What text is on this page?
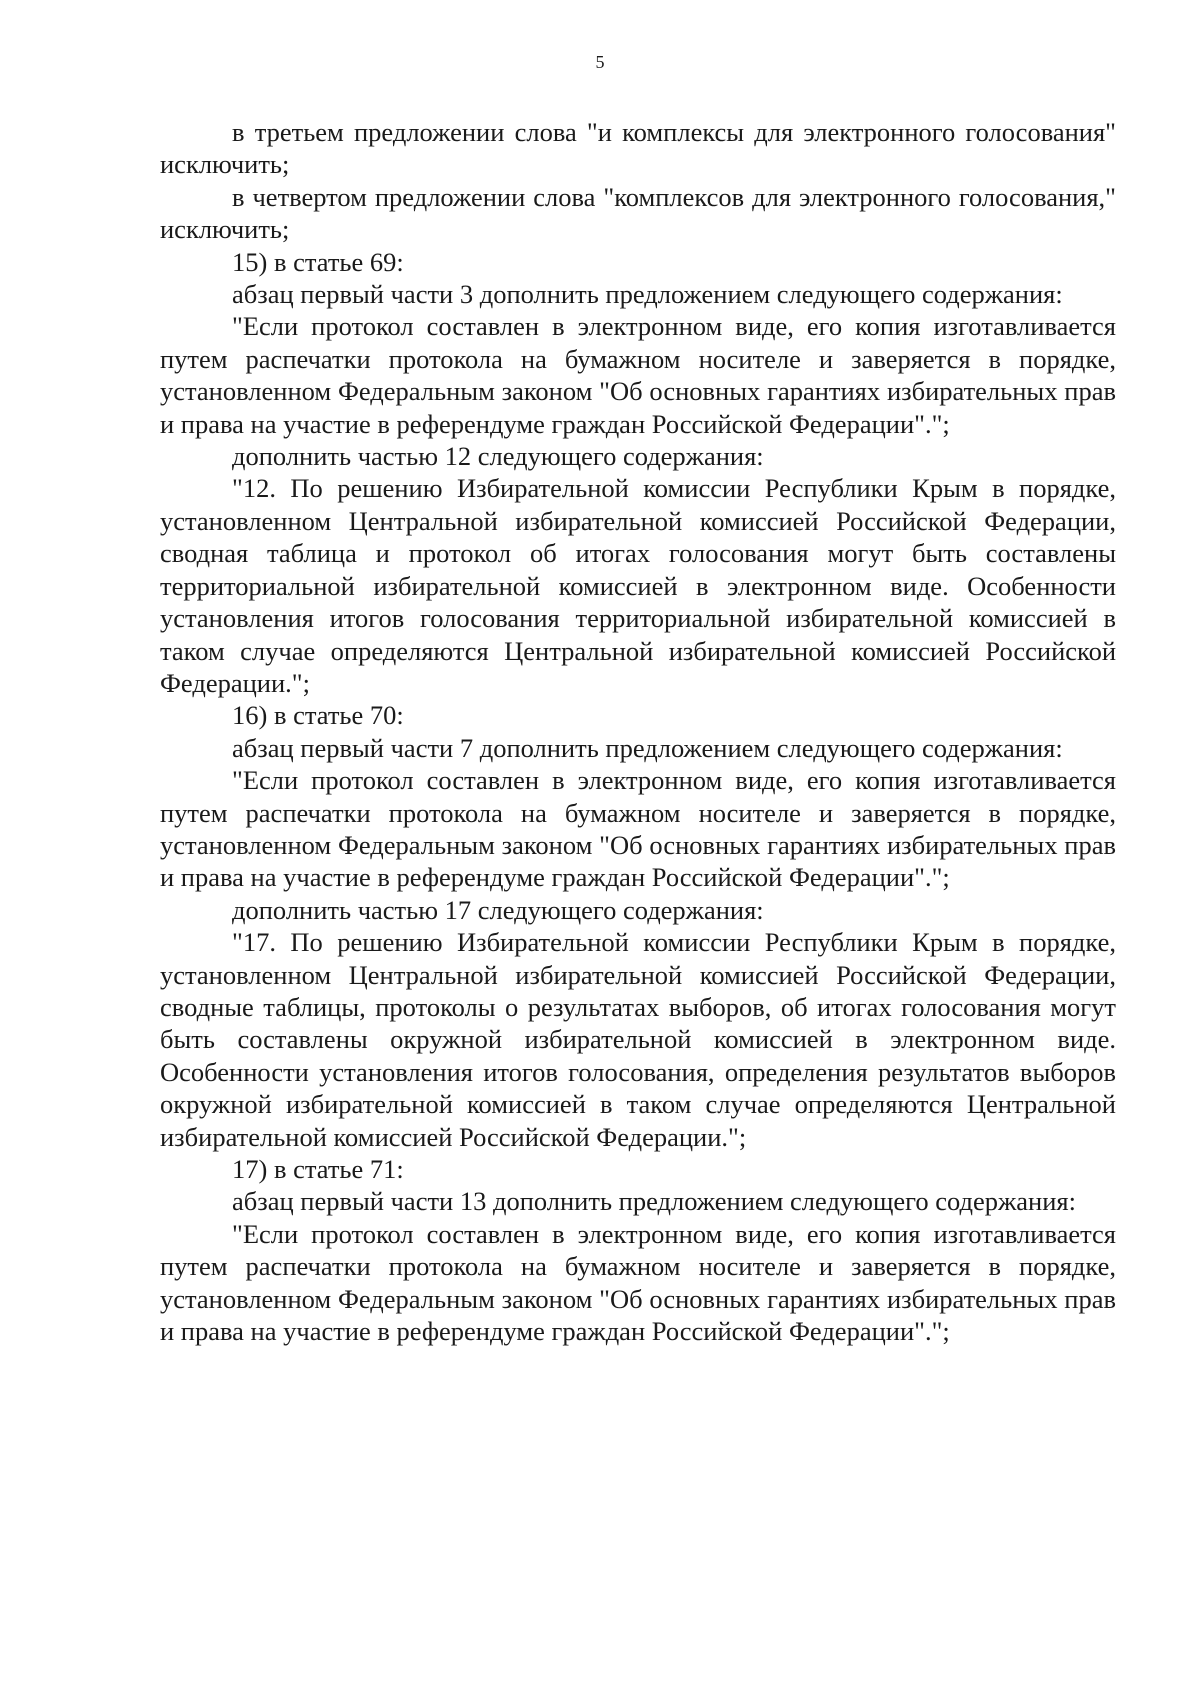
5

в третьем предложении слова "и комплексы для электронного голосования" исключить;

в четвертом предложении слова "комплексов для электронного голосования," исключить;

15) в статье 69:

абзац первый части 3 дополнить предложением следующего содержания:

"Если протокол составлен в электронном виде, его копия изготавливается путем распечатки протокола на бумажном носителе и заверяется в порядке, установленном Федеральным законом "Об основных гарантиях избирательных прав и права на участие в референдуме граждан Российской Федерации".";

дополнить частью 12 следующего содержания:

"12. По решению Избирательной комиссии Республики Крым в порядке, установленном Центральной избирательной комиссией Российской Федерации, сводная таблица и протокол об итогах голосования могут быть составлены территориальной избирательной комиссией в электронном виде. Особенности установления итогов голосования территориальной избирательной комиссией в таком случае определяются Центральной избирательной комиссией Российской Федерации.";

16) в статье 70:

абзац первый части 7 дополнить предложением следующего содержания:

"Если протокол составлен в электронном виде, его копия изготавливается путем распечатки протокола на бумажном носителе и заверяется в порядке, установленном Федеральным законом "Об основных гарантиях избирательных прав и права на участие в референдуме граждан Российской Федерации".";

дополнить частью 17 следующего содержания:

"17. По решению Избирательной комиссии Республики Крым в порядке, установленном Центральной избирательной комиссией Российской Федерации, сводные таблицы, протоколы о результатах выборов, об итогах голосования могут быть составлены окружной избирательной комиссией в электронном виде. Особенности установления итогов голосования, определения результатов выборов окружной избирательной комиссией в таком случае определяются Центральной избирательной комиссией Российской Федерации.";

17) в статье 71:

абзац первый части 13 дополнить предложением следующего содержания:

"Если протокол составлен в электронном виде, его копия изготавливается путем распечатки протокола на бумажном носителе и заверяется в порядке, установленном Федеральным законом "Об основных гарантиях избирательных прав и права на участие в референдуме граждан Российской Федерации".";
